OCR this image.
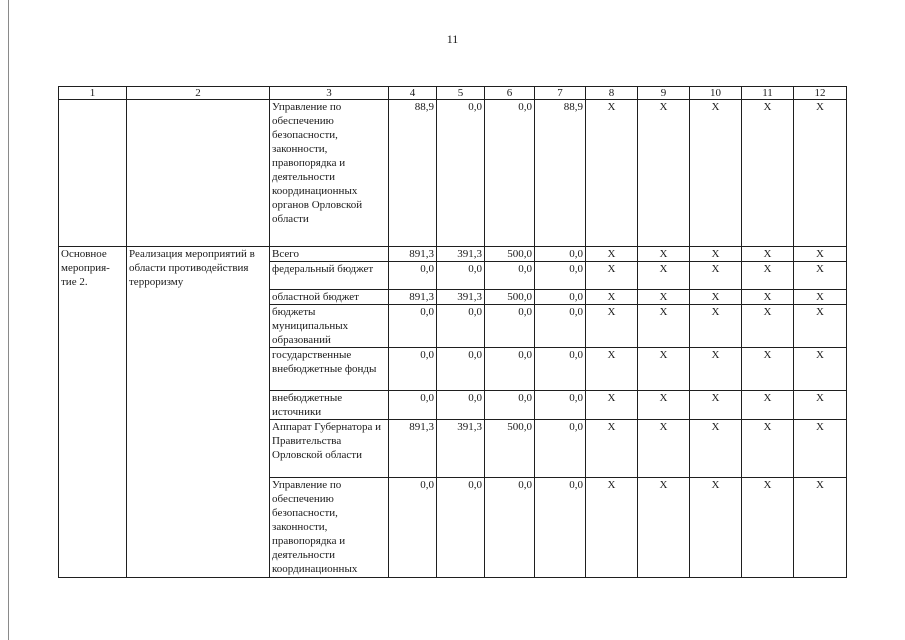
11
1	2	3	4	5	6	7	8	9	10	11	12
		Управление по обеспечению безопасности, законности, правопорядка и деятельности координационных органов Орловской области	88,9	0,0	0,0	88,9	Х	Х	Х	Х	Х
Основное мероприя-тие 2.	Реализация мероприятий в области противодействия терроризму	Всего	891,3	391,3	500,0	0,0	Х	Х	Х	Х	Х
		федеральный бюджет	0,0	0,0	0,0	0,0	Х	Х	Х	Х	Х
		областной бюджет	891,3	391,3	500,0	0,0	Х	Х	Х	Х	Х
		бюджеты муниципальных образований	0,0	0,0	0,0	0,0	Х	Х	Х	Х	Х
		государственные внебюджетные фонды	0,0	0,0	0,0	0,0	Х	Х	Х	Х	Х
		внебюджетные источники	0,0	0,0	0,0	0,0	Х	Х	Х	Х	Х
		Аппарат Губернатора и Правительства Орловской области	891,3	391,3	500,0	0,0	Х	Х	Х	Х	Х
		Управление по обеспечению безопасности, законности, правопорядка и деятельности координационных	0,0	0,0	0,0	0,0	Х	Х	Х	Х	Х
